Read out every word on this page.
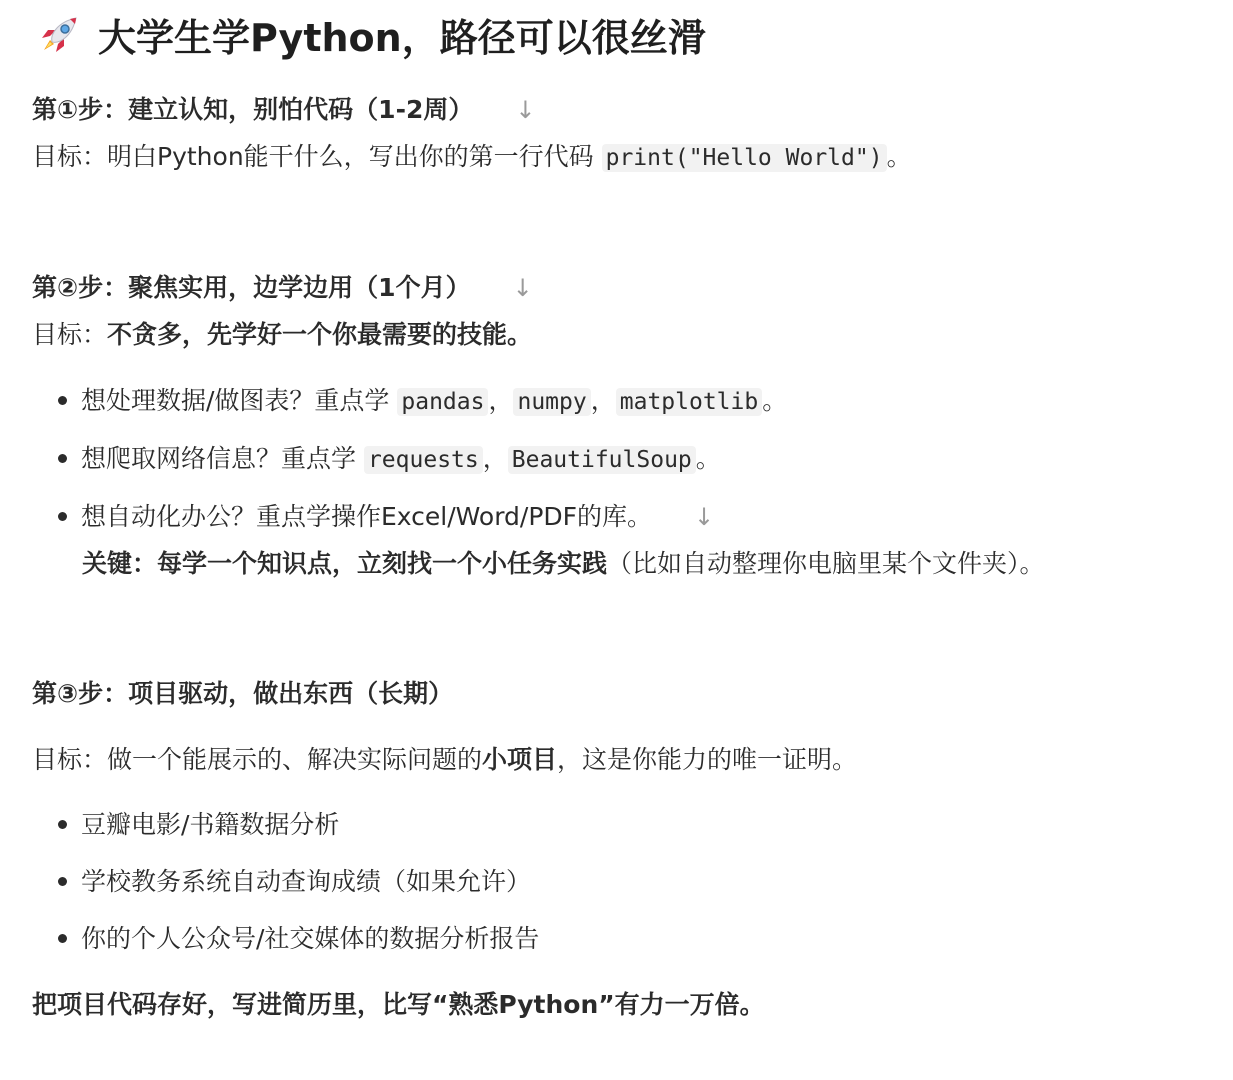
大学生学Python，路径可以很丝滑
第①步：建立认知，别怕代码（1-2周） ↓
目标：明白Python能干什么，写出你的第一行代码 print("Hello World") 。
第②步：聚焦实用，边学边用（1个月） ↓
目标：不贪多，先学好一个你最需要的技能。
想处理数据/做图表？重点学 pandas ， numpy ， matplotlib 。
想爬取网络信息？重点学 requests ， BeautifulSoup 。
想自动化办公？重点学操作Excel/Word/PDF的库。 ↓
关键：每学一个知识点，立刻找一个小任务实践（比如自动整理你电脑里某个文件夹）。
第③步：项目驱动，做出东西（长期）
目标：做一个能展示的、解决实际问题的小项目，这是你能力的唯一证明。
豆瓣电影/书籍数据分析
学校教务系统自动查询成绩（如果允许）
你的个人公众号/社交媒体的数据分析报告
把项目代码存好，写进简历里，比写“熟悉Python”有力一万倍。
